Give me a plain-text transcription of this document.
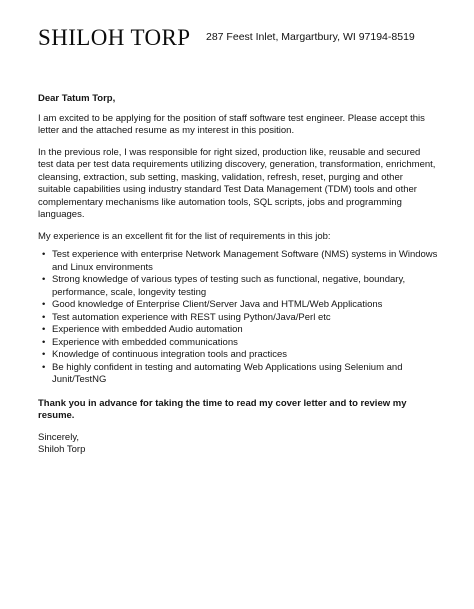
SHILOH TORP 287 Feest Inlet, Margartbury, WI 97194-8519
Dear Tatum Torp,

I am excited to be applying for the position of staff software test engineer. Please accept this letter and the attached resume as my interest in this position.

In the previous role, I was responsible for right sized, production like, reusable and secured test data per test data requirements utilizing discovery, generation, transformation, enrichment, cleansing, extraction, sub setting, masking, validation, refresh, reset, purging and other suitable capabilities using industry standard Test Data Management (TDM) tools and other complementary mechanisms like automation tools, SQL scripts, jobs and programming languages.

My experience is an excellent fit for the list of requirements in this job:

• Test experience with enterprise Network Management Software (NMS) systems in Windows and Linux environments
• Strong knowledge of various types of testing such as functional, negative, boundary, performance, scale, longevity testing
• Good knowledge of Enterprise Client/Server Java and HTML/Web Applications
• Test automation experience with REST using Python/Java/Perl etc
• Experience with embedded Audio automation
• Experience with embedded communications
• Knowledge of continuous integration tools and practices
• Be highly confident in testing and automating Web Applications using Selenium and Junit/TestNG

Thank you in advance for taking the time to read my cover letter and to review my resume.

Sincerely,
Shiloh Torp
